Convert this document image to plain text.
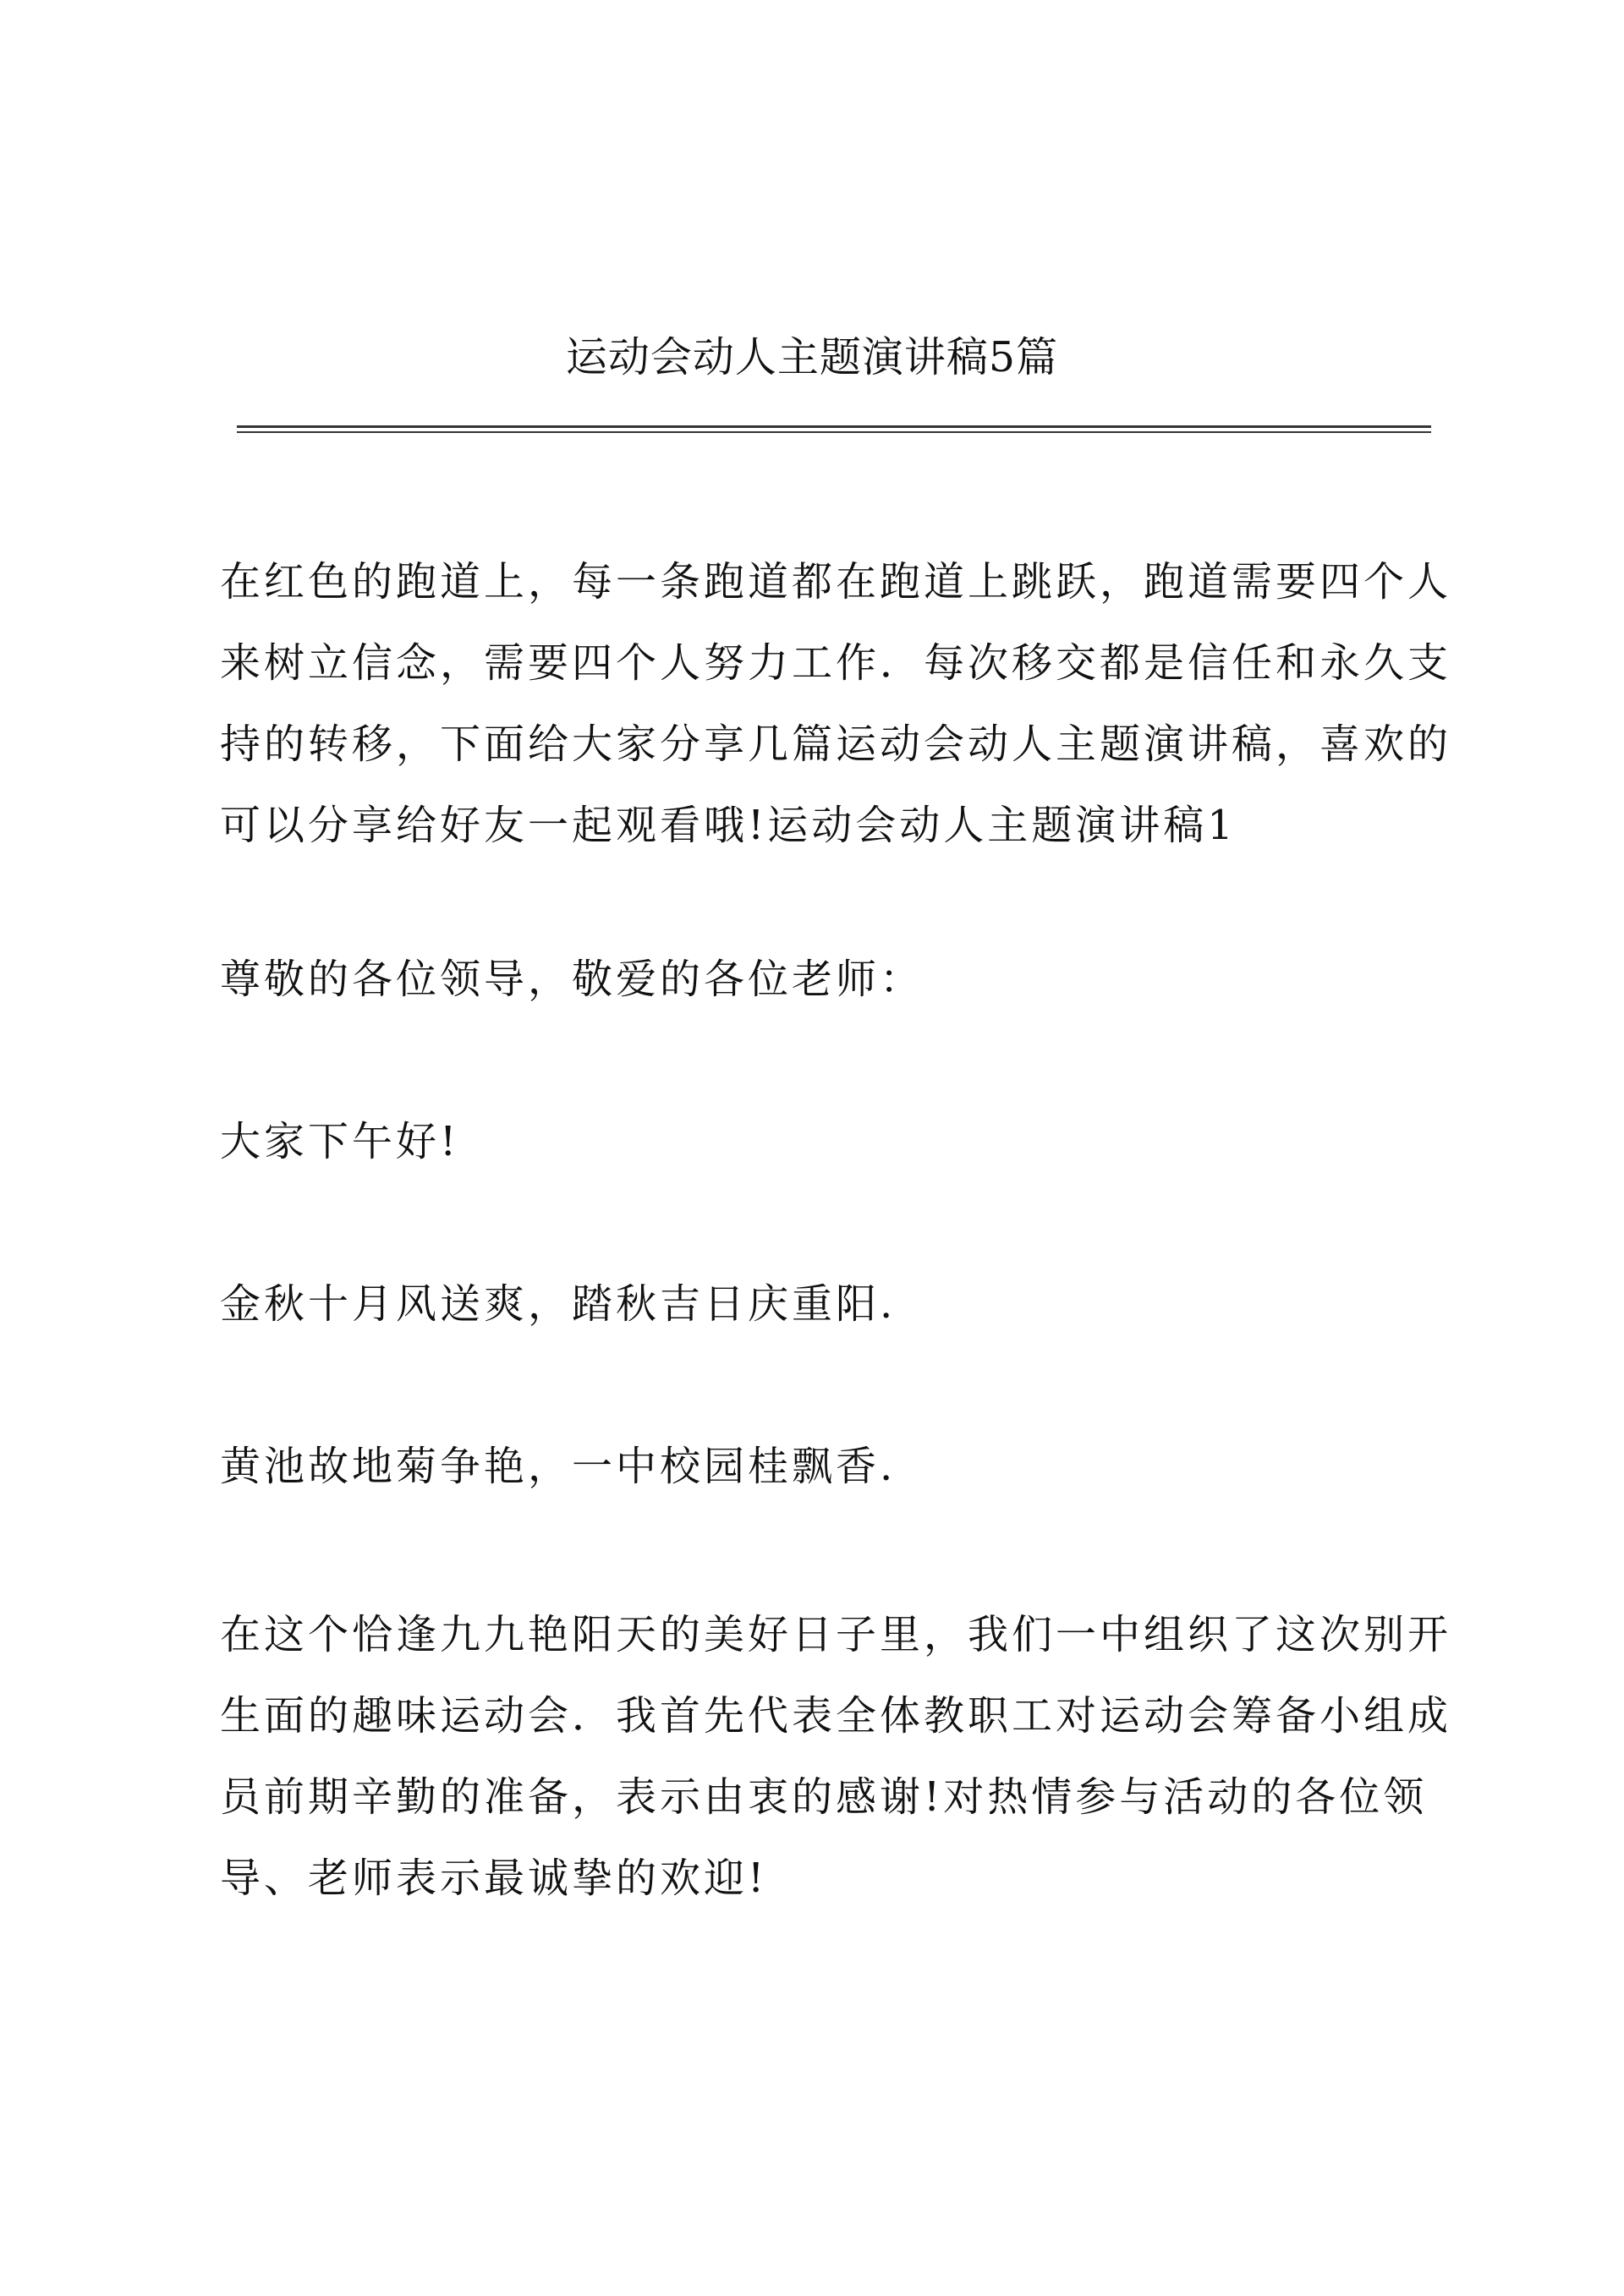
运动会动人主题演讲稿5篇
在红色的跑道上，每一条跑道都在跑道上跳跃，跑道需要四个人
来树立信念，需要四个人努力工作．每次移交都是信任和永久支
持的转移，下面给大家分享几篇运动会动人主题演讲稿，喜欢的
可以分享给好友一起观看哦!运动会动人主题演讲稿1
尊敬的各位领导，敬爱的各位老师：
大家下午好!
金秋十月风送爽，踏秋吉日庆重阳.
黄池故地菊争艳，一中校园桂飘香.
在这个恰逢九九艳阳天的美好日子里，我们一中组织了这次别开
生面的趣味运动会．我首先代表全体教职工对运动会筹备小组成
员前期辛勤的准备，表示由衷的感谢!对热情参与活动的各位领
导、老师表示最诚挚的欢迎!
